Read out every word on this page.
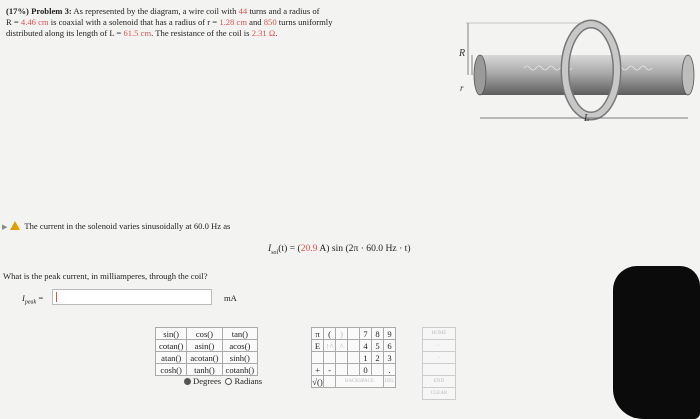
(17%) Problem 3: As represented by the diagram, a wire coil with 44 turns and a radius of
R = 4.46 cm is coaxial with a solenoid that has a radius of r = 1.28 cm and 850 turns uniformly
distributed along its length of L = 61.5 cm. The resistance of the coil is 2.31 Ω.
R
r
L
▶ The current in the solenoid varies sinusoidally at 60.0 Hz as
$I_{sol}(t) = (20.9$ A) sin (2π · 60.0 Hz · t)
What is the peak current, in milliamperes, through the coil?
$I_{peak}$ =	mA
sin()	cos()	tan()
cotan()	asin()	acos()
atan()	acotan()	sinh()
cosh()	tanh()	cotanh()
Degrees Radians
π	(	)		7	8	9
E	↑^	^		4	5	6
				1	2	3
+	-			0		.
√()		BACKSPACE				DEL
HOME
←
→

END
CLEAR
